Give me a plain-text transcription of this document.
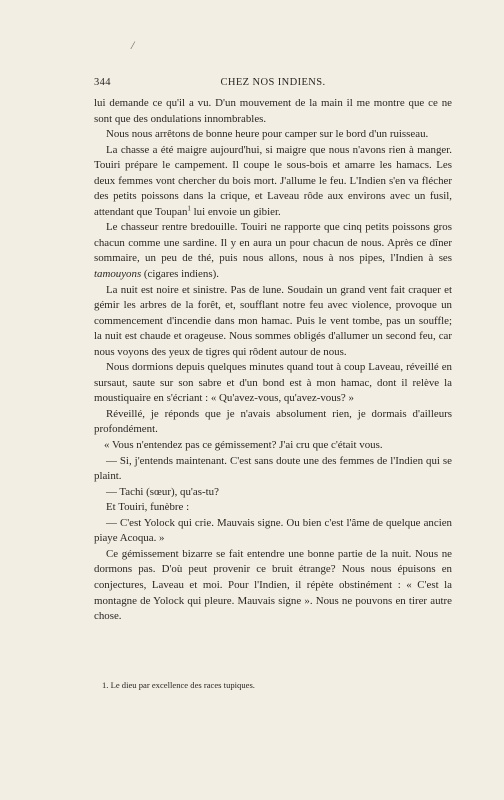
/
344	CHEZ NOS INDIENS.

lui demande ce qu'il a vu. D'un mouvement de la main il me montre que ce ne sont que des ondulations innombrables.

Nous nous arrêtons de bonne heure pour camper sur le bord d'un ruisseau.

La chasse a été maigre aujourd'hui, si maigre que nous n'avons rien à manger. Touiri prépare le campement. Il coupe le sous-bois et amarre les hamacs. Les deux femmes vont chercher du bois mort. J'allume le feu. L'Indien s'en va flécher des petits poissons dans la crique, et Laveau rôde aux environs avec un fusil, attendant que Toupan$^1$ lui envoie un gibier.

Le chasseur rentre bredouille. Touiri ne rapporte que cinq petits poissons gros chacun comme une sardine. Il y en aura un pour chacun de nous. Après ce dîner sommaire, un peu de thé, puis nous allons, nous à nos pipes, l'Indien à ses tamouyons (cigares indiens).

La nuit est noire et sinistre. Pas de lune. Soudain un grand vent fait craquer et gémir les arbres de la forêt, et, soufflant notre feu avec violence, provoque un commencement d'incendie dans mon hamac. Puis le vent tombe, pas un souffle; la nuit est chaude et orageuse. Nous sommes obligés d'allumer un second feu, car nous voyons des yeux de tigres qui rôdent autour de nous.

Nous dormions depuis quelques minutes quand tout à coup Laveau, réveillé en sursaut, saute sur son sabre et d'un bond est à mon hamac, dont il relève la moustiquaire en s'écriant : « Qu'avez-vous, qu'avez-vous? »

Réveillé, je réponds que je n'avais absolument rien, je dormais d'ailleurs profondément.

« Vous n'entendez pas ce gémissement? J'ai cru que c'était vous.

— Si, j'entends maintenant. C'est sans doute une des femmes de l'Indien qui se plaint.

— Tachi (sœur), qu'as-tu?

Et Touiri, funèbre :

— C'est Yolock qui crie. Mauvais signe. Ou bien c'est l'âme de quelque ancien piaye Acoqua. »

Ce gémissement bizarre se fait entendre une bonne partie de la nuit. Nous ne dormons pas. D'où peut provenir ce bruit étrange? Nous nous épuisons en conjectures, Laveau et moi. Pour l'Indien, il répète obstinément : « C'est la montagne de Yolock qui pleure. Mauvais signe ». Nous ne pouvons en tirer autre chose.

1. Le dieu par excellence des races tupiques.
